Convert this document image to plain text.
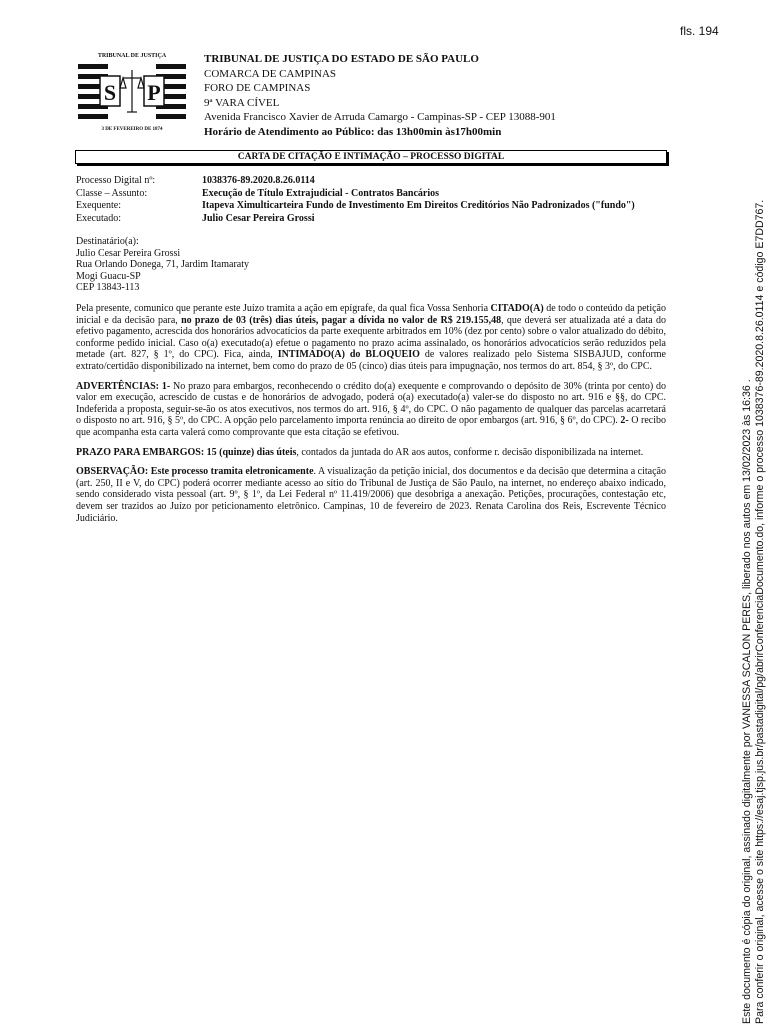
fls. 194
S P
TRIBUNAL DE JUSTIÇA
3 DE FEVEREIRO DE 1874
TRIBUNAL DE JUSTIÇA DO ESTADO DE SÃO PAULO
COMARCA DE CAMPINAS
FORO DE CAMPINAS
9ª VARA CÍVEL
Avenida Francisco Xavier de Arruda Camargo - Campinas-SP - CEP 13088-901
Horário de Atendimento ao Público: das 13h00min às17h00min
CARTA DE CITAÇÃO E INTIMAÇÃO – PROCESSO DIGITAL
Processo Digital nº:	1038376-89.2020.8.26.0114
Classe – Assunto:	Execução de Título Extrajudicial - Contratos Bancários
Exequente:	Itapeva Ximulticarteira Fundo de Investimento Em Direitos Creditórios Não Padronizados ("fundo")
Executado:	Julio Cesar Pereira Grossi
Destinatário(a):
Julio Cesar Pereira Grossi
Rua Orlando Donega, 71, Jardim Itamaraty
Mogi Guacu-SP
CEP 13843-113

Pela presente, comunico que perante este Juízo tramita a ação em epígrafe, da qual fica Vossa Senhoria CITADO(A) de todo o conteúdo da petição inicial e da decisão para, no prazo de 03 (três) dias úteis, pagar a dívida no valor de R$ 219.155,48, que deverá ser atualizada até a data do efetivo pagamento, acrescida dos honorários advocatícios da parte exequente arbitrados em 10% (dez por cento) sobre o valor atualizado do débito, conforme pedido inicial. Caso o(a) executado(a) efetue o pagamento no prazo acima assinalado, os honorários advocatícios serão reduzidos pela metade (art. 827, § 1º, do CPC). Fica, ainda, INTIMADO(A) do BLOQUEIO de valores realizado pelo Sistema SISBAJUD, conforme extrato/certidão disponibilizado na internet, bem como do prazo de 05 (cinco) dias úteis para impugnação, nos termos do art. 854, § 3º, do CPC.

ADVERTÊNCIAS: 1- No prazo para embargos, reconhecendo o crédito do(a) exequente e comprovando o depósito de 30% (trinta por cento) do valor em execução, acrescido de custas e de honorários de advogado, poderá o(a) executado(a) valer-se do disposto no art. 916 e §§, do CPC. Indeferida a proposta, seguir-se-ão os atos executivos, nos termos do art. 916, § 4º, do CPC. O não pagamento de qualquer das parcelas acarretará o disposto no art. 916, § 5º, do CPC. A opção pelo parcelamento importa renúncia ao direito de opor embargos (art. 916, § 6º, do CPC). 2- O recibo que acompanha esta carta valerá como comprovante que esta citação se efetivou.

PRAZO PARA EMBARGOS: 15 (quinze) dias úteis, contados da juntada do AR aos autos, conforme r. decisão disponibilizada na internet.

OBSERVAÇÃO: Este processo tramita eletronicamente. A visualização da petição inicial, dos documentos e da decisão que determina a citação (art. 250, II e V, do CPC) poderá ocorrer mediante acesso ao sítio do Tribunal de Justiça de São Paulo, na internet, no endereço abaixo indicado, sendo considerado vista pessoal (art. 9º, § 1º, da Lei Federal nº 11.419/2006) que desobriga a anexação. Petições, procurações, contestação etc, devem ser trazidos ao Juízo por peticionamento eletrônico. Campinas, 10 de fevereiro de 2023. Renata Carolina dos Reis, Escrevente Técnico Judiciário.	Este documento é cópia do original, assinado digitalmente por VANESSA SCALON PERES, liberado nos autos em 13/02/2023 às 16:36 . Para conferir o original, acesse o site https://esaj.tjsp.jus.br/pastadigital/pg/abrirConferenciaDocumento.do, informe o processo 1038376-89.2020.8.26.0114 e código E7DD767.
